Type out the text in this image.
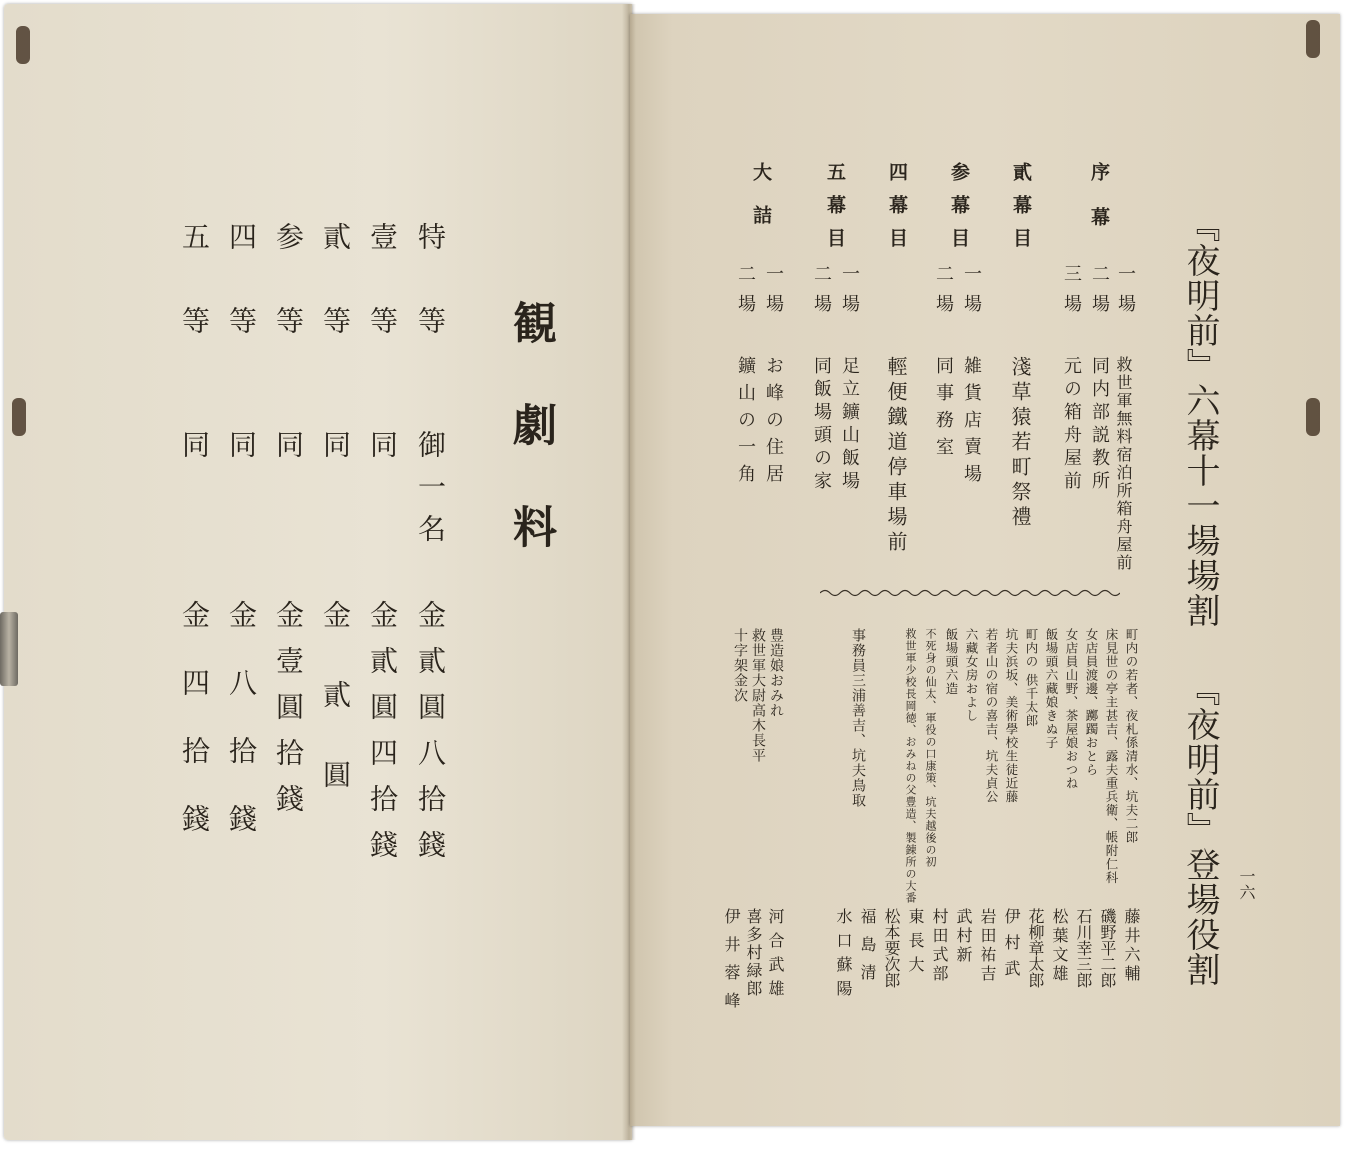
観劇料

特

等

御一名

金貳圓八拾錢

壹

等

同

金貳圓四拾錢

貳

等

同

金貳圓

参

等

同

金壹圓拾錢

四

等

同

金八拾錢

五

等

同

金四拾錢

『夜明前』六幕十一場場割

序幕

一場

救世軍無料宿泊所箱舟屋前

二場

同内部説教所

三場

元の箱舟屋前

貳幕目

淺草猿若町祭禮

参幕目

一場

雑貨店賣場

二場

同事務室

四幕目

輕便鐵道停車場前

五幕目

一場

足立鑛山飯場

二場

同飯場頭の家

大詰

一場

お峰の住居

二場

鑛山の一角

『夜明前』登場役割

町内の若者、夜札係清水、坑夫二郎

藤井六輔

床見世の亭主甚吉、露夫重兵衛、帳附仁科

磯野平二郎

女店員渡邊、躑躅おとら

石川幸三郎

女店員山野、茶屋娘おつね

松葉文雄

飯場頭六藏娘きぬ子

花柳章太郎

町内の 供千太郎

伊村武

坑夫浜坂、美術學校生徒近藤

岩田祐吉

若者山の宿の喜吉、坑夫貞公

武村新

六藏女房およし

村田式部

飯場頭六造

東長大

不死身の仙太、軍役の口康策、坑夫越後の初

松本要次郎

救世軍少校長岡徳、おみねの父豊造、製錬所の大番

福島清

事務員三浦善吉、坑夫鳥取

水口蘇陽

豊造娘おみれ

河合武雄

救世軍大尉高木長平

喜多村緑郎

十字架金次

伊井蓉峰

一六
